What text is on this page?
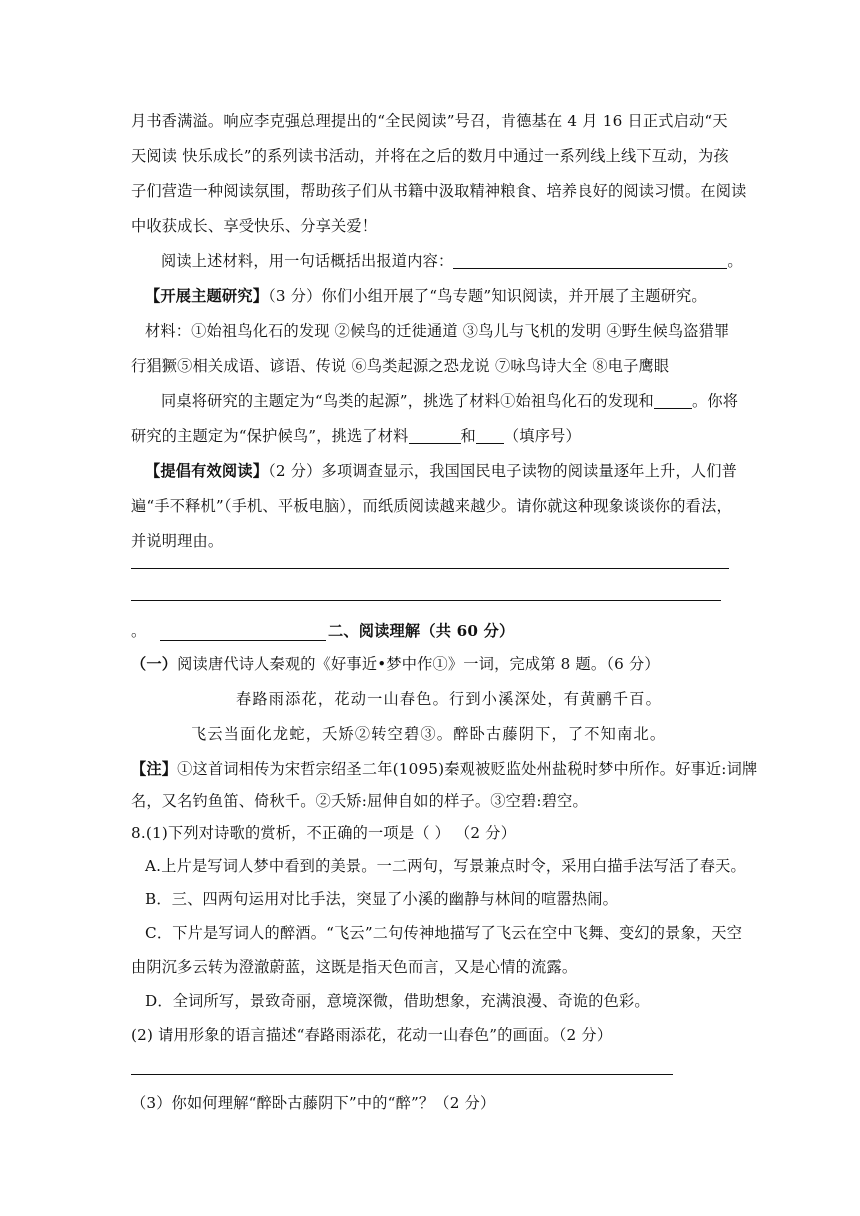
月书香满溢。响应李克强总理提出的“全民阅读”号召，肯德基在 4 月 16 日正式启动“天
天阅读 快乐成长”的系列读书活动，并将在之后的数月中通过一系列线上线下互动，为孩
子们营造一种阅读氛围，帮助孩子们从书籍中汲取精神粮食、培养良好的阅读习惯。在阅读
中收获成长、享受快乐、分享关爱！
阅读上述材料，用一句话概括出报道内容：	。
【开展主题研究】（3 分）你们小组开展了“鸟专题”知识阅读，并开展了主题研究。
材料：①始祖鸟化石的发现 ②候鸟的迁徙通道 ③鸟儿与飞机的发明 ④野生候鸟盗猎罪
行猖獗⑤相关成语、谚语、传说 ⑥鸟类起源之恐龙说 ⑦咏鸟诗大全 ⑧电子鹰眼
同桌将研究的主题定为“鸟类的起源”，挑选了材料①始祖鸟化石的发现和	。你将
研究的主题定为“保护候鸟”，挑选了材料	和 （填序号）
【提倡有效阅读】（2 分）多项调查显示，我国国民电子读物的阅读量逐年上升，人们普
遍“手不释机”（手机、平板电脑），而纸质阅读越来越少。请你就这种现象谈谈你的看法，
并说明理由。
。	二、阅读理解（共 60 分）
（一）阅读唐代诗人秦观的《好事近•梦中作①》一词，完成第 8 题。（6 分）
春路雨添花，花动一山春色。行到小溪深处，有黄鹂千百。
飞云当面化龙蛇，夭矫②转空碧③。醉卧古藤阴下，了不知南北。
【注】①这首词相传为宋哲宗绍圣二年(1095)秦观被贬监处州盐税时梦中所作。好事近:词牌
名，又名钓鱼笛、倚秋千。②夭矫:屈伸自如的样子。③空碧:碧空。
8.(1)下列对诗歌的赏析，不正确的一项是（ ） （2 分）
A.上片是写词人梦中看到的美景。一二两句，写景兼点时令，采用白描手法写活了春天。
B．三、四两句运用对比手法，突显了小溪的幽静与林间的喧嚣热闹。
C．下片是写词人的醉酒。“飞云”二句传神地描写了飞云在空中飞舞、变幻的景象，天空
由阴沉多云转为澄澈蔚蓝，这既是指天色而言，又是心情的流露。
D．全词所写，景致奇丽，意境深微，借助想象，充满浪漫、奇诡的色彩。
(2) 请用形象的语言描述“春路雨添花，花动一山春色”的画面。（2 分）
（3）你如何理解“醉卧古藤阴下”中的“醉”？（2 分）
